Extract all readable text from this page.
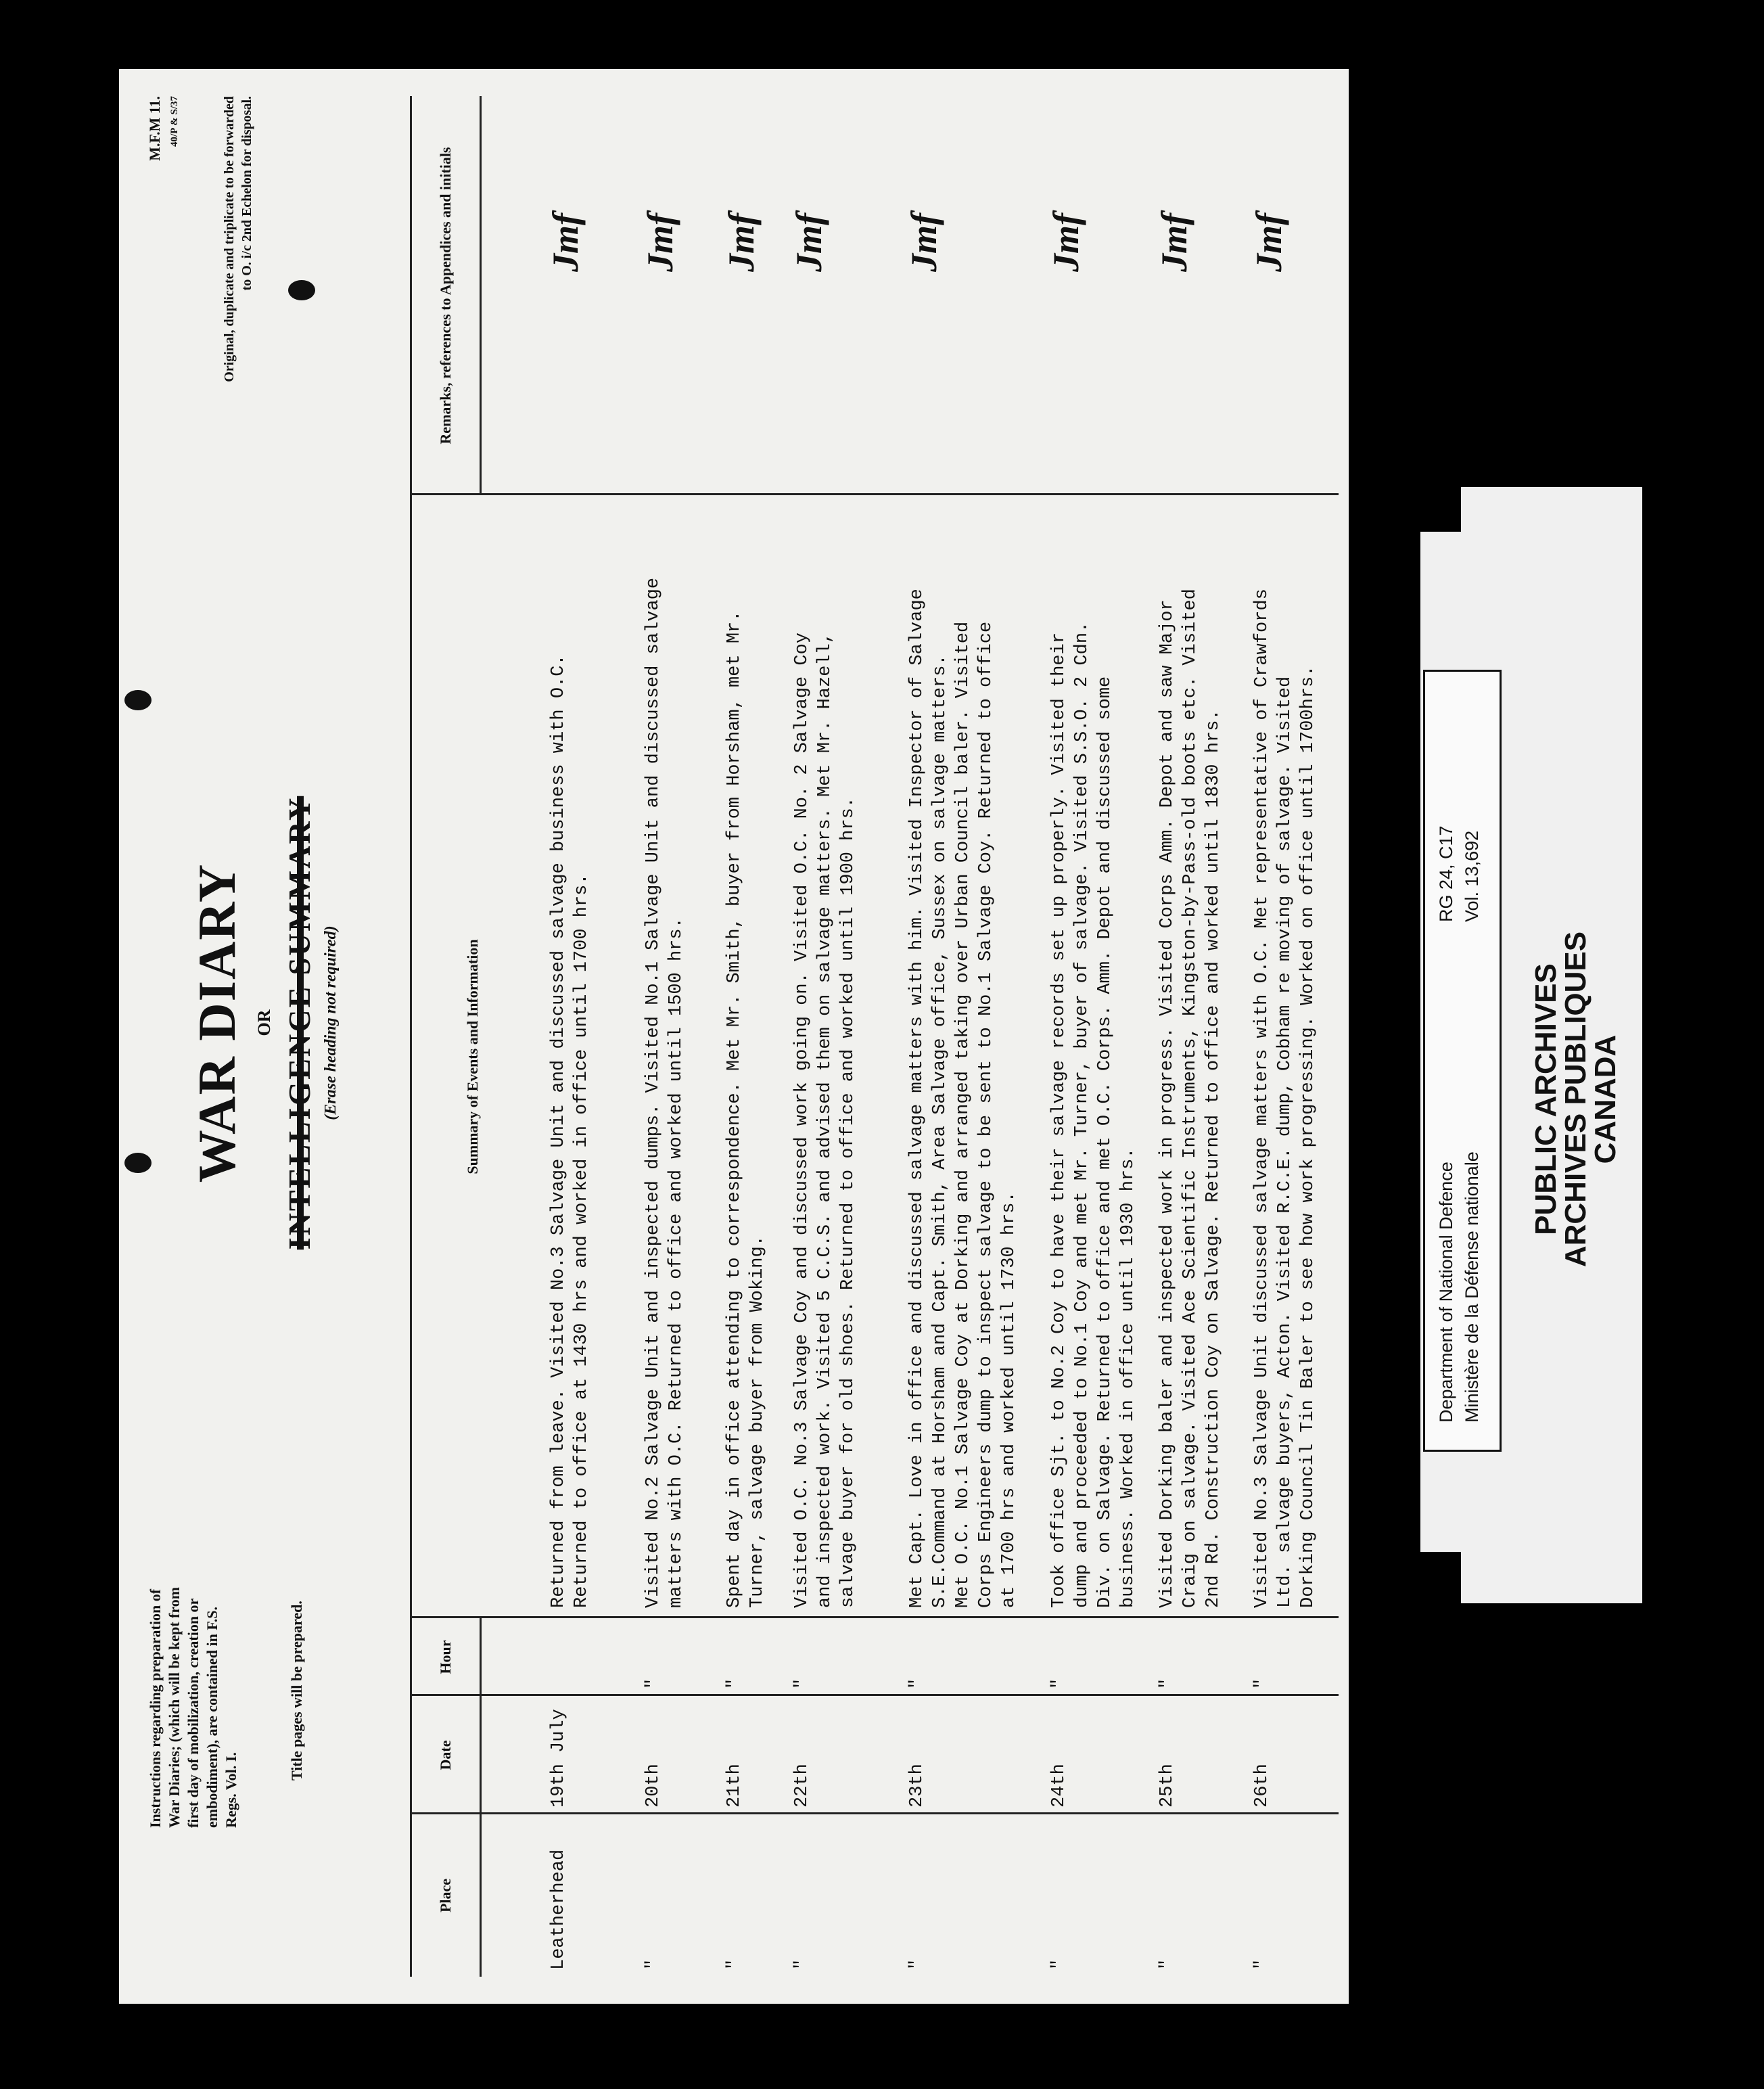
Instructions regarding preparation of War Diaries; (which will be kept from first day of mobilization, creation or embodiment), are contained in F.S. Regs. Vol. I.
Title pages will be prepared.
WAR DIARY OR INTELLIGENCE SUMMARY (Erase heading not required)
M.F.M 11. 40/P & S/37	Original, duplicate and triplicate to be forwarded to O. i/c 2nd Echelon for disposal.
Place
Date
Hour
Summary of Events and Information
Remarks, references to Appendices and initials
Leatherhead
19th July
Returned from leave. Visited No.3 Salvage Unit and discussed salvage business with O.C. Returned to office at 1430 hrs and worked in office until 1700 hrs.
Jmf
"
20th
"
Visited No.2 Salvage Unit and inspected dumps. Visited No.1 Salvage Unit and discussed salvage matters with O.C. Returned to office and worked until 1500 hrs.
Jmf
"
21th
"
Spent day in office attending to correspondence. Met Mr. Smith, buyer from Horsham, met Mr. Turner, salvage buyer from Woking.
Jmf
"
22th
"
Visited O.C. No.3 Salvage Coy and discussed work going on. Visited O.C. No. 2 Salvage Coy and inspected work. Visited 5 C.C.S. and advised them on salvage matters. Met Mr. Hazell, salvage buyer for old shoes. Returned to office and worked until 1900 hrs.
Jmf
"
23th
"
Met Capt. Love in office and discussed salvage matters with him. Visited Inspector of Salvage S.E.Command at Horsham and Capt. Smith, Area Salvage office, Sussex on salvage matters. Met O.C. No.1 Salvage Coy at Dorking and arranged taking over Urban Council baler. Visited Corps Engineers dump to inspect salvage to be sent to No.1 Salvage Coy. Returned to office at 1700 hrs and worked until 1730 hrs.
Jmf
"
24th
"
Took office Sjt. to No.2 Coy to have their salvage records set up properly. Visited their dump and proceeded to No.1 Coy and met Mr. Turner, buyer of salvage. Visited S.S.O. 2 Cdn. Div. on Salvage. Returned to office and met O.C. Corps. Amm. Depot and discussed some business. Worked in office until 1930 hrs.
Jmf
"
25th
"
Visited Dorking baler and inspected work in progress. Visited Corps Amm. Depot and saw Major Craig on salvage. Visited Ace Scientific Instruments, Kingston-by-Pass-old boots etc. Visited 2nd Rd. Construction Coy on Salvage. Returned to office and worked until 1830 hrs.
Jmf
"
26th
"
Visited No.3 Salvage Unit discussed salvage matters with O.C. Met representative of Crawfords Ltd. salvage buyers, Acton. Visited R.C.E. dump, Cobham re moving of salvage. Visited Dorking Council Tin Baler to see how work progressing. Worked on office until 1700hrs.
Jmf
Department of National Defence Ministère de la Défense nationale
RG 24, C17 Vol. 13,692
PUBLIC ARCHIVES
ARCHIVES PUBLIQUES
CANADA
